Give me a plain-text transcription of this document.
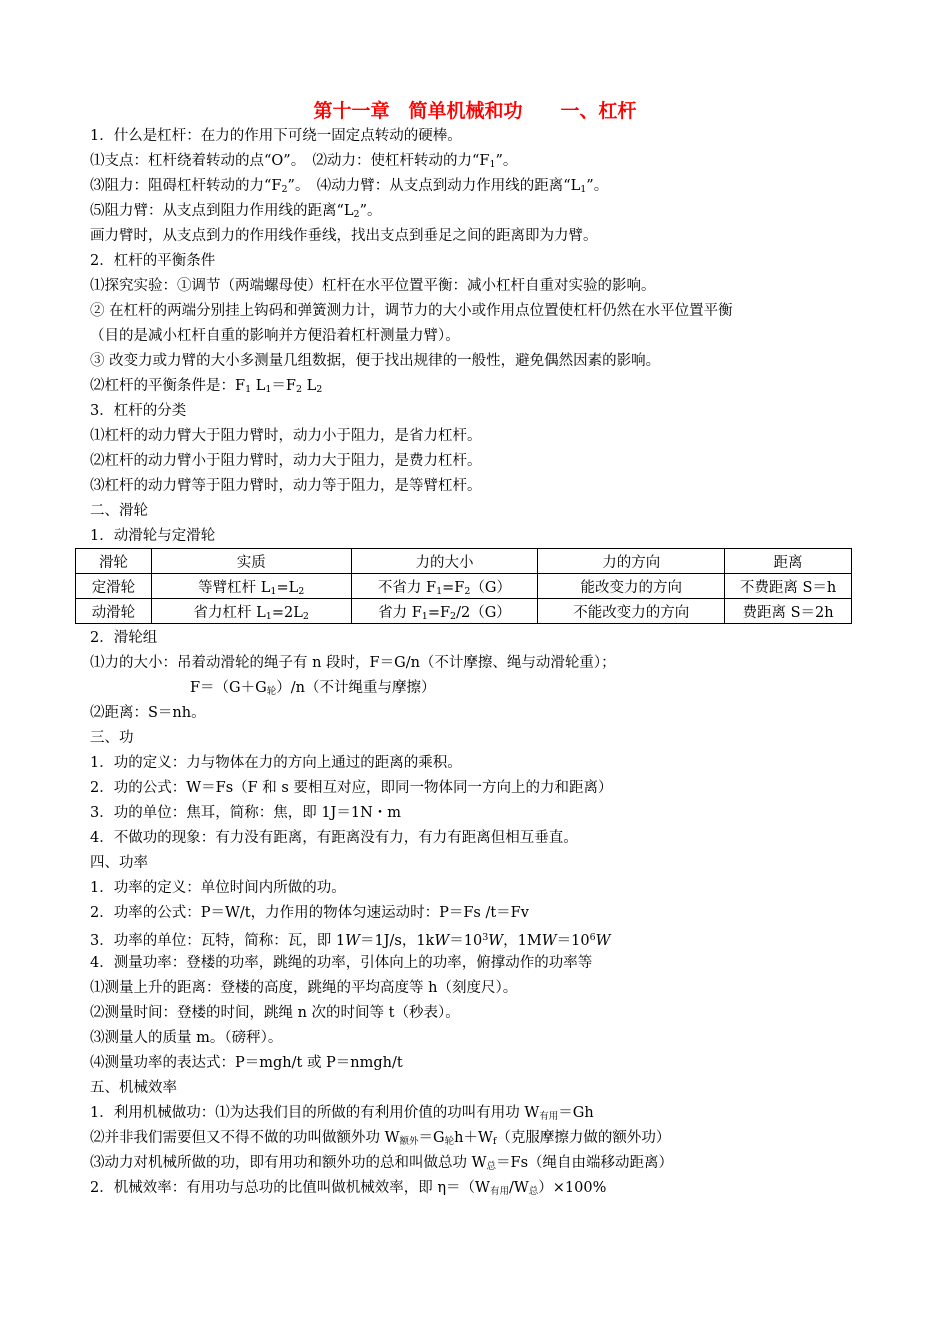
第十一章　简单机械和功　　一、杠杆
1．什么是杠杆：在力的作用下可绕一固定点转动的硬棒。
⑴支点：杠杆绕着转动的点“O”。　⑵动力：使杠杆转动的力“$F_1$”。
⑶阻力：阻碍杠杆转动的力“$F_2$”。　⑷动力臂：从支点到动力作用线的距离“$L_1$”。
⑸阻力臂：从支点到阻力作用线的距离“$L_2$”。
画力臂时，从支点到力的作用线作垂线，找出支点到垂足之间的距离即为力臂。
2．杠杆的平衡条件
⑴探究实验：①调节（两端螺母使）杠杆在水平位置平衡：减小杠杆自重对实验的影响。
② 在杠杆的两端分别挂上钩码和弹簧测力计，调节力的大小或作用点位置使杠杆仍然在水平位置平衡
（目的是减小杠杆自重的影响并方便沿着杠杆测量力臂）。
③ 改变力或力臂的大小多测量几组数据，便于找出规律的一般性，避免偶然因素的影响。
⑵杠杆的平衡条件是：$F_1$ $L_1=F_2$ $L_2$
3．杠杆的分类
⑴杠杆的动力臂大于阻力臂时，动力小于阻力，是省力杠杆。
⑵杠杆的动力臂小于阻力臂时，动力大于阻力，是费力杠杆。
⑶杠杆的动力臂等于阻力臂时，动力等于阻力，是等臂杠杆。
二、滑轮
1．动滑轮与定滑轮
滑轮	实质	力的大小	力的方向	距离
定滑轮	等臂杠杆 $L_1=L_2$	不省力 $F_1=F_2(G)$	能改变力的方向	不费距离 S＝h
动滑轮	省力杠杆 $L_1=2L_2$	省力 $F_1=F_2/2(G)$	不能改变力的方向	费距离 S＝2h
2．滑轮组
⑴力的大小：吊着动滑轮的绳子有 n 段时，F＝G/n（不计摩擦、绳与动滑轮重）；
$F=(G+G_轮)/n$（不计绳重与摩擦）
⑵距离：S＝nh。
三、功
1．功的定义：力与物体在力的方向上通过的距离的乘积。
2．功的公式：W＝Fs（F 和 s 要相互对应，即同一物体同一方向上的力和距离）
3．功的单位：焦耳，简称：焦，即 1J＝1N・m
4．不做功的现象：有力没有距离，有距离没有力，有力有距离但相互垂直。
四、功率
1．功率的定义：单位时间内所做的功。
2．功率的公式：P＝W/t，力作用的物体匀速运动时：P＝Fs /t＝Fv
3．功率的单位：瓦特，简称：瓦，即 1W＝1J/s，$1kW=10^3W$，$1MW=10^6W$
4．测量功率：登楼的功率，跳绳的功率，引体向上的功率，俯撑动作的功率等
⑴测量上升的距离：登楼的高度，跳绳的平均高度等 h（刻度尺）。
⑵测量时间：登楼的时间，跳绳 n 次的时间等 t（秒表）。
⑶测量人的质量 m。（磅秤）。
⑷测量功率的表达式：P＝mgh/t 或 P＝nmgh/t
五、机械效率
1．利用机械做功：⑴为达我们目的所做的有利用价值的功叫有用功 $W_{有用}=Gh$
⑵并非我们需要但又不得不做的功叫做额外功 $W_{额外}=G_轮h+W_f$（克服摩擦力做的额外功）
⑶动力对机械所做的功，即有用功和额外功的总和叫做总功 $W_总=Fs$（绳自由端移动距离）
2．机械效率：有用功与总功的比值叫做机械效率，即 $\eta=(W_{有用}/W_总)\times 100\%$
